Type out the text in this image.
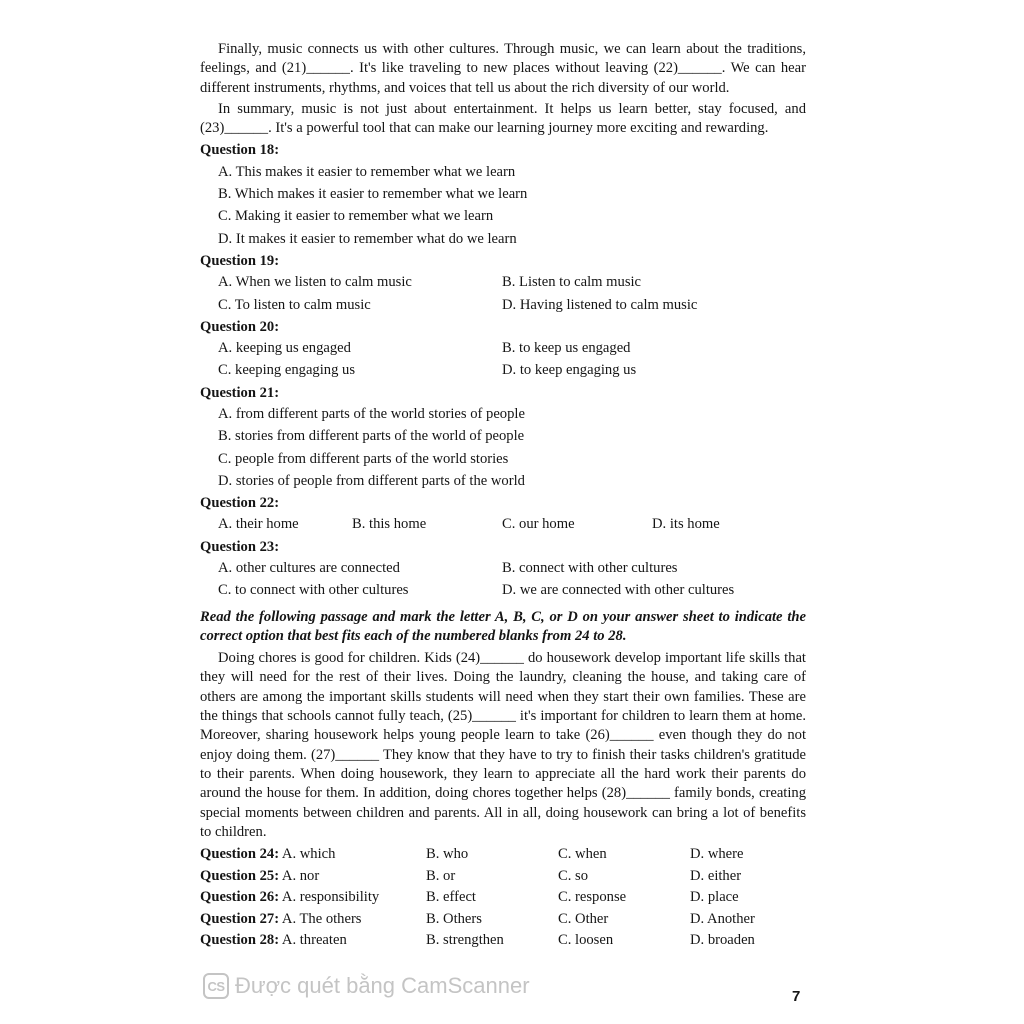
Finally, music connects us with other cultures. Through music, we can learn about the traditions, feelings, and (21)______. It's like traveling to new places without leaving (22)______. We can hear different instruments, rhythms, and voices that tell us about the rich diversity of our world.

In summary, music is not just about entertainment. It helps us learn better, stay focused, and (23)______. It's a powerful tool that can make our learning journey more exciting and rewarding.

Question 18:
A. This makes it easier to remember what we learn
B. Which makes it easier to remember what we learn
C. Making it easier to remember what we learn
D. It makes it easier to remember what do we learn
Question 19:
A. When we listen to calm music	B. Listen to calm music
C. To listen to calm music	D. Having listened to calm music
Question 20:
A. keeping us engaged	B. to keep us engaged
C. keeping engaging us	D. to keep engaging us
Question 21:
A. from different parts of the world stories of people
B. stories from different parts of the world of people
C. people from different parts of the world stories
D. stories of people from different parts of the world
Question 22:
A. their home	B. this home	C. our home	D. its home
Question 23:
A. other cultures are connected	B. connect with other cultures
C. to connect with other cultures	D. we are connected with other cultures
Read the following passage and mark the letter A, B, C, or D on your answer sheet to indicate the correct option that best fits each of the numbered blanks from 24 to 28.

Doing chores is good for children. Kids (24)______ do housework develop important life skills that they will need for the rest of their lives. Doing the laundry, cleaning the house, and taking care of others are among the important skills students will need when they start their own families. These are the things that schools cannot fully teach, (25)______ it's important for children to learn them at home. Moreover, sharing housework helps young people learn to take (26)______ even though they do not enjoy doing them. (27)______ They know that they have to try to finish their tasks children's gratitude to their parents. When doing housework, they learn to appreciate all the hard work their parents do around the house for them. In addition, doing chores together helps (28)______ family bonds, creating special moments between children and parents. All in all, doing housework can bring a lot of benefits to children.

Question 24: A. which	B. who	C. when	D. where
Question 25: A. nor	B. or	C. so	D. either
Question 26: A. responsibility	B. effect	C. response	D. place
Question 27: A. The others	B. Others	C. Other	D. Another
Question 28: A. threaten	B. strengthen	C. loosen	D. broaden
CS Được quét bằng CamScanner	7
